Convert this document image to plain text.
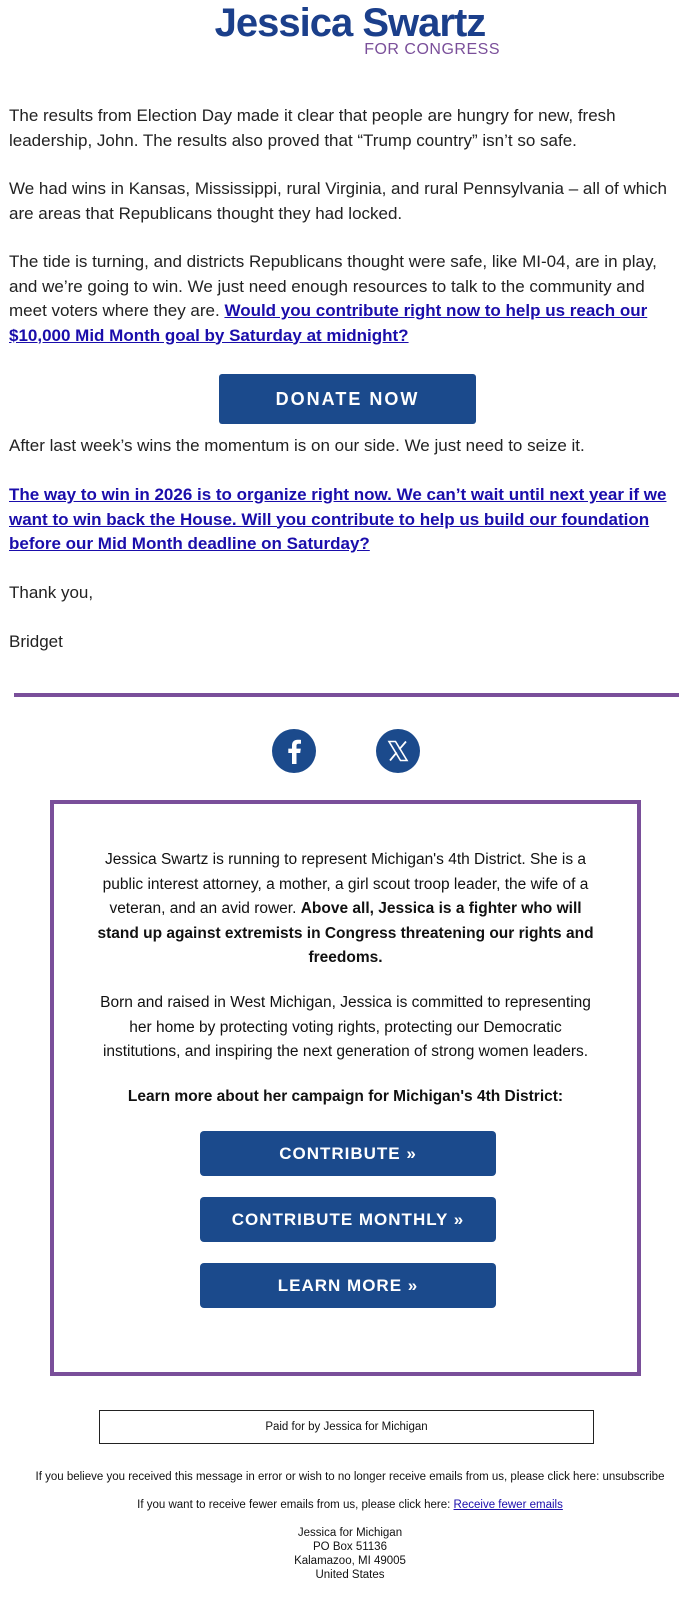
Jessica Swartz
FOR CONGRESS

The results from Election Day made it clear that people are hungry for new, fresh leadership, John. The results also proved that “Trump country” isn’t so safe.

We had wins in Kansas, Mississippi, rural Virginia, and rural Pennsylvania – all of which are areas that Republicans thought they had locked.

The tide is turning, and districts Republicans thought were safe, like MI-04, are in play, and we’re going to win. We just need enough resources to talk to the community and meet voters where they are. Would you contribute right now to help us reach our $10,000 Mid Month goal by Saturday at midnight?

DONATE NOW

After last week’s wins the momentum is on our side. We just need to seize it.

The way to win in 2026 is to organize right now. We can’t wait until next year if we want to win back the House. Will you contribute to help us build our foundation before our Mid Month deadline on Saturday?

Thank you,

Bridget

Jessica Swartz is running to represent Michigan's 4th District. She is a public interest attorney, a mother, a girl scout troop leader, the wife of a veteran, and an avid rower. Above all, Jessica is a fighter who will stand up against extremists in Congress threatening our rights and freedoms.

Born and raised in West Michigan, Jessica is committed to representing her home by protecting voting rights, protecting our Democratic institutions, and inspiring the next generation of strong women leaders.

Learn more about her campaign for Michigan's 4th District:

CONTRIBUTE »
CONTRIBUTE MONTHLY »
LEARN MORE »
Paid for by Jessica for Michigan
If you believe you received this message in error or wish to no longer receive emails from us, please click here: unsubscribe
If you want to receive fewer emails from us, please click here: Receive fewer emails
Jessica for Michigan
PO Box 51136
Kalamazoo, MI 49005
United States
